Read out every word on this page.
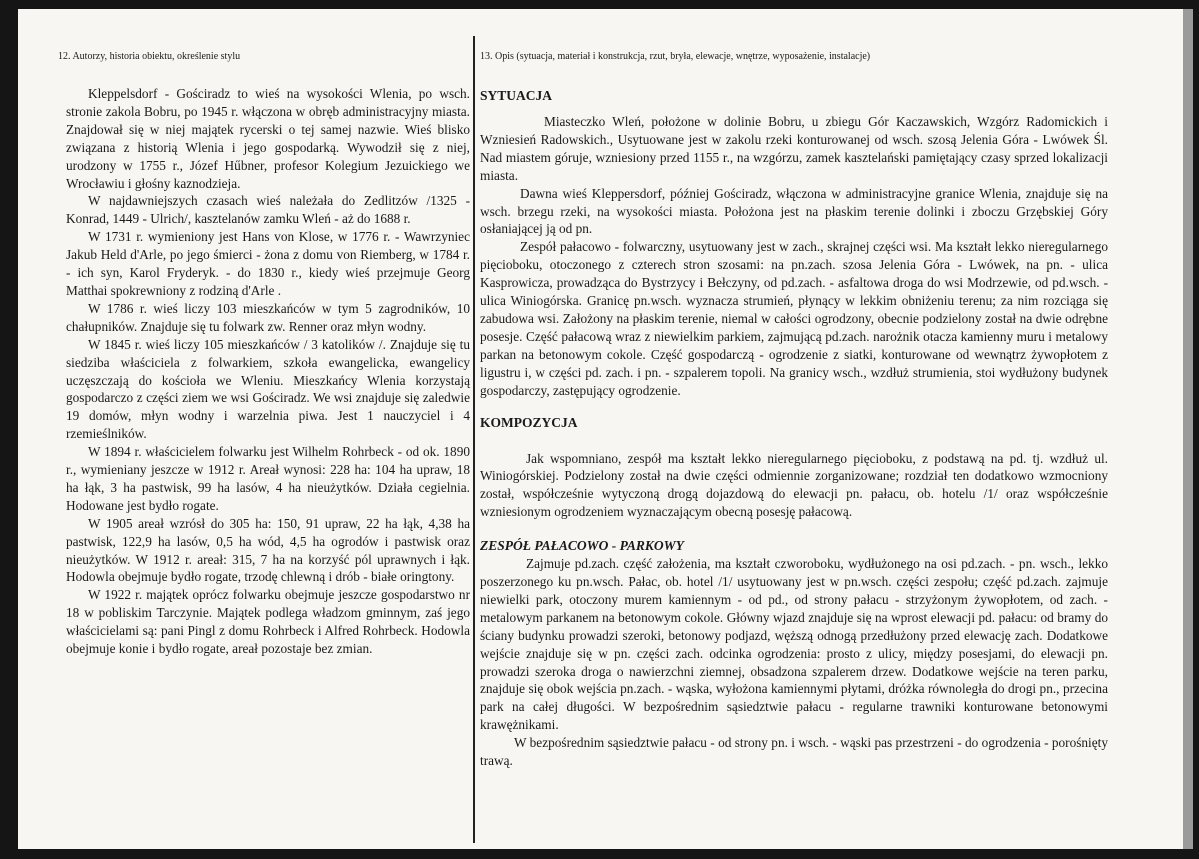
12. Autorzy, historia obiektu, określenie stylu

Kleppelsdorf - Gościradz to wieś na wysokości Wlenia, po wsch. stronie zakola Bobru, po 1945 r. włączona w obręb administracyjny miasta. Znajdował się w niej majątek rycerski o tej samej nazwie. Wieś blisko związana z historią Wlenia i jego gospodarką. Wywodził się z niej, urodzony w 1755 r., Józef Hűbner, profesor Kolegium Jezuickiego we Wrocławiu i głośny kaznodzieja.

W najdawniejszych czasach wieś należała do Zedlitzów /1325 - Konrad, 1449 - Ulrich/, kasztelanów zamku Wleń - aż do 1688 r.

W 1731 r. wymieniony jest Hans von Klose, w 1776 r. - Wawrzyniec Jakub Held d'Arle, po jego śmierci - żona z domu von Riemberg, w 1784 r. - ich syn, Karol Fryderyk. - do 1830 r., kiedy wieś przejmuje Georg Matthai spokrewniony z rodziną d'Arle .

W 1786 r. wieś liczy 103 mieszkańców w tym 5 zagrodników, 10 chałupników. Znajduje się tu folwark zw. Renner oraz młyn wodny.

W 1845 r. wieś liczy 105 mieszkańców / 3 katolików /. Znajduje się tu siedziba właściciela z folwarkiem, szkoła ewangelicka, ewangelicy uczęszczają do kościoła we Wleniu. Mieszkańcy Wlenia korzystają gospodarczo z części ziem we wsi Gościradz. We wsi znajduje się zaledwie 19 domów, młyn wodny i warzelnia piwa. Jest 1 nauczyciel i 4 rzemieślników.

W 1894 r. właścicielem folwarku jest Wilhelm Rohrbeck - od ok. 1890 r., wymieniany jeszcze w 1912 r. Areał wynosi: 228 ha: 104 ha upraw, 18 ha łąk, 3 ha pastwisk, 99 ha lasów, 4 ha nieużytków. Działa cegielnia. Hodowane jest bydło rogate.

W 1905 areał wzrósł do 305 ha: 150, 91 upraw, 22 ha łąk, 4,38 ha pastwisk, 122,9 ha lasów, 0,5 ha wód, 4,5 ha ogrodów i pastwisk oraz nieużytków. W 1912 r. areał: 315, 7 ha na korzyść pól uprawnych i łąk. Hodowla obejmuje bydło rogate, trzodę chlewną i drób - białe oringtony.

W 1922 r. majątek oprócz folwarku obejmuje jeszcze gospodarstwo nr 18 w pobliskim Tarczynie. Majątek podlega władzom gminnym, zaś jego właścicielami są: pani Pingl z domu Rohrbeck i Alfred Rohrbeck. Hodowla obejmuje konie i bydło rogate, areał pozostaje bez zmian.

13. Opis (sytuacja, materiał i konstrukcja, rzut, bryła, elewacje, wnętrze, wyposażenie, instalacje)

SYTUACJA

Miasteczko Wleń, położone w dolinie Bobru, u zbiegu Gór Kaczawskich, Wzgórz Radomickich i Wzniesień Radowskich., Usytuowane jest w zakolu rzeki konturowanej od wsch. szosą Jelenia Góra - Lwówek Śl. Nad miastem góruje, wzniesiony przed 1155 r., na wzgórzu, zamek kasztelański pamiętający czasy sprzed lokalizacji miasta.

Dawna wieś Kleppersdorf, później Gościradz, włączona w administracyjne granice Wlenia, znajduje się na wsch. brzegu rzeki, na wysokości miasta. Położona jest na płaskim terenie dolinki i zboczu Grzębskiej Góry osłaniającej ją od pn.

Zespół pałacowo - folwarczny, usytuowany jest w zach., skrajnej części wsi. Ma kształt lekko nieregularnego pięcioboku, otoczonego z czterech stron szosami: na pn.zach. szosa Jelenia Góra - Lwówek, na pn. - ulica Kasprowicza, prowadząca do Bystrzycy i Bełczyny, od pd.zach. - asfaltowa droga do wsi Modrzewie, od pd.wsch. - ulica Winiogórska. Granicę pn.wsch. wyznacza strumień, płynący w lekkim obniżeniu terenu; za nim rozciąga się zabudowa wsi. Założony na płaskim terenie, niemal w całości ogrodzony, obecnie podzielony został na dwie odrębne posesje. Część pałacową wraz z niewielkim parkiem, zajmującą pd.zach. narożnik otacza kamienny muru i metalowy parkan na betonowym cokole. Część gospodarczą - ogrodzenie z siatki, konturowane od wewnątrz żywopłotem z ligustru i, w części pd. zach. i pn. - szpalerem topoli. Na granicy wsch., wzdłuż strumienia, stoi wydłużony budynek gospodarczy, zastępujący ogrodzenie.

KOMPOZYCJA

Jak wspomniano, zespół ma kształt lekko nieregularnego pięcioboku, z podstawą na pd. tj. wzdłuż ul. Winiogórskiej. Podzielony został na dwie części odmiennie zorganizowane; rozdział ten dodatkowo wzmocniony został, współcześnie wytyczoną drogą dojazdową do elewacji pn. pałacu, ob. hotelu /1/ oraz współcześnie wzniesionym ogrodzeniem wyznaczającym obecną posesję pałacową.

ZESPÓŁ PAŁACOWO - PARKOWY

Zajmuje pd.zach. część założenia, ma kształt czworoboku, wydłużonego na osi pd.zach. - pn. wsch., lekko poszerzonego ku pn.wsch. Pałac, ob. hotel /1/ usytuowany jest w pn.wsch. części zespołu; część pd.zach. zajmuje niewielki park, otoczony murem kamiennym - od pd., od strony pałacu - strzyżonym żywopłotem, od zach. - metalowym parkanem na betonowym cokole. Główny wjazd znajduje się na wprost elewacji pd. pałacu: od bramy do ściany budynku prowadzi szeroki, betonowy podjazd, węższą odnogą przedłużony przed elewację zach. Dodatkowe wejście znajduje się w pn. części zach. odcinka ogrodzenia: prosto z ulicy, między posesjami, do elewacji pn. prowadzi szeroka droga o nawierzchni ziemnej, obsadzona szpalerem drzew. Dodatkowe wejście na teren parku, znajduje się obok wejścia pn.zach. - wąska, wyłożona kamiennymi płytami, dróżka równoległa do drogi pn., przecina park na całej długości. W bezpośrednim sąsiedztwie pałacu - regularne trawniki konturowane betonowymi krawężnikami.

W bezpośrednim sąsiedztwie pałacu - od strony pn. i wsch. - wąski pas przestrzeni - do ogrodzenia - porośnięty trawą.
